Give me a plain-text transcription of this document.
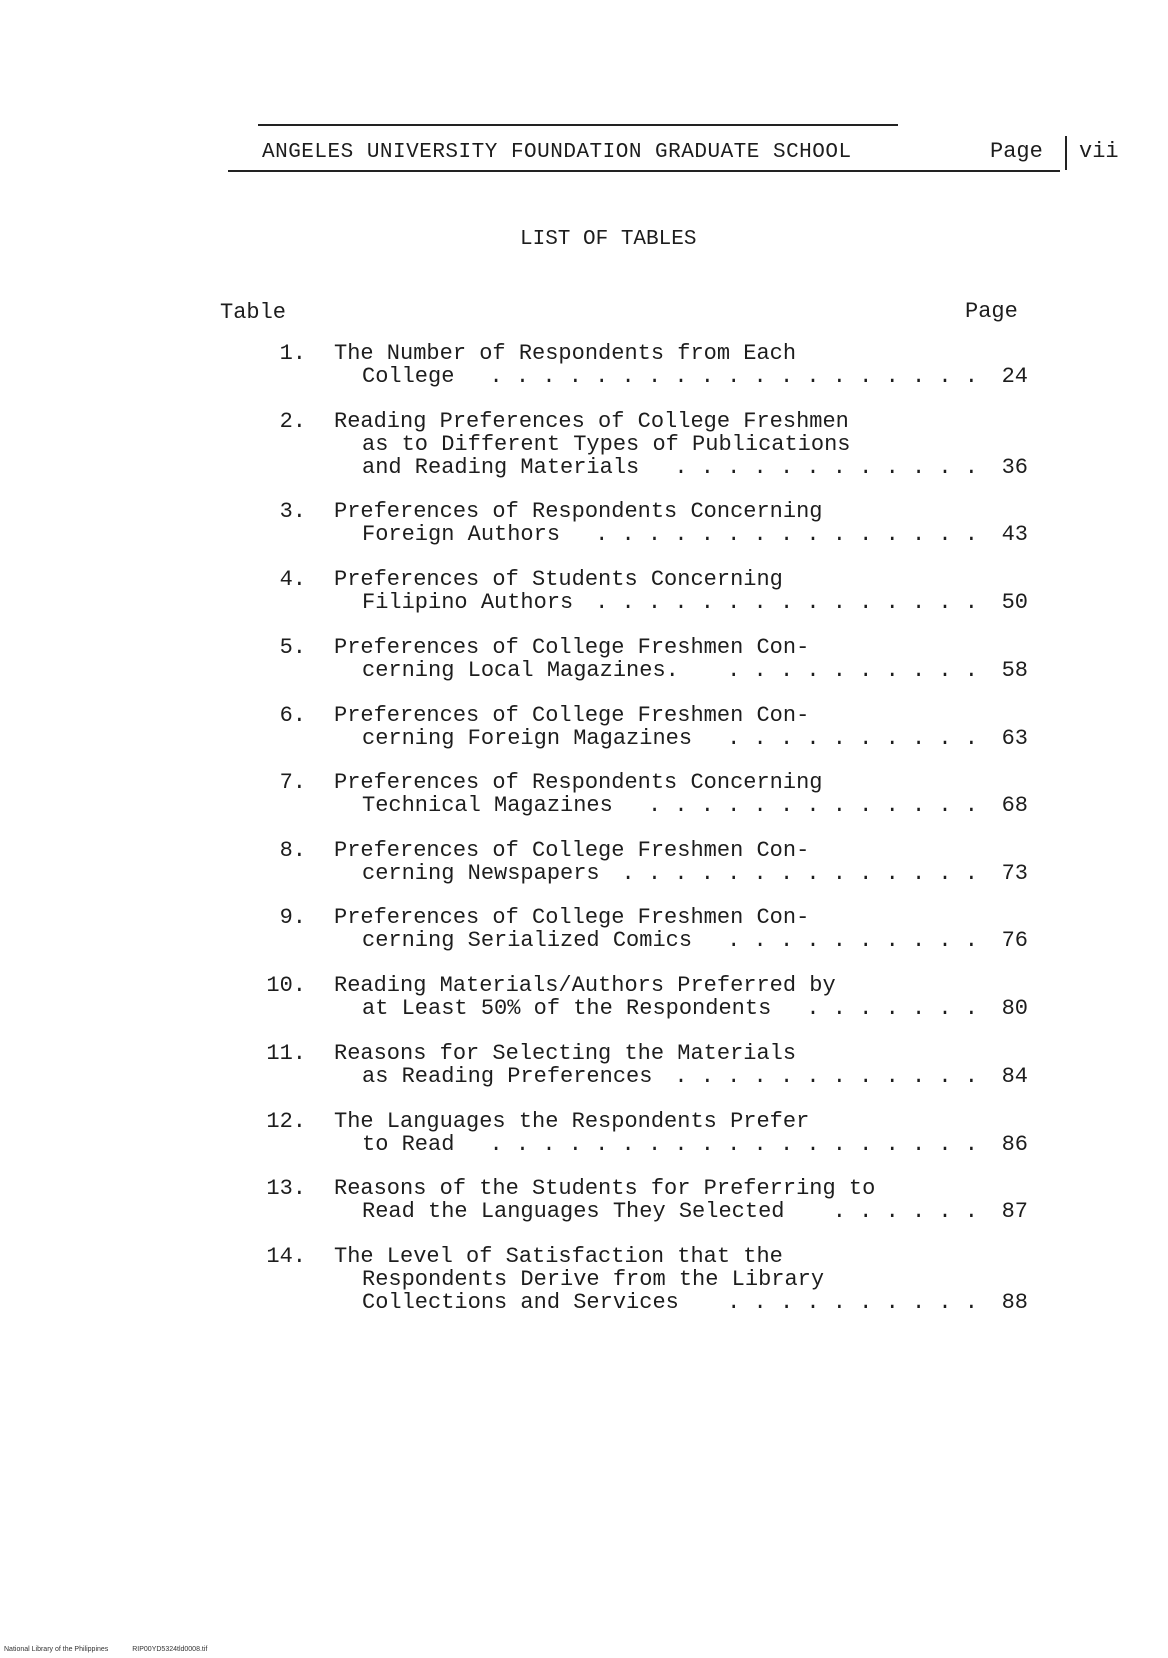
ANGELES UNIVERSITY FOUNDATION GRADUATE SCHOOL	Page vii
LIST OF TABLES
Table	Page
1. The Number of Respondents from Each
College	24
. . . . . . . . . . . . . . . . . . .
2. Reading Preferences of College Freshmen
as to Different Types of Publications
and Reading Materials	36
. . . . . . . . . . . .
3. Preferences of Respondents Concerning
Foreign Authors	43
. . . . . . . . . . . . . . .
4. Preferences of Students Concerning
Filipino Authors	50
. . . . . . . . . . . . . . .
5. Preferences of College Freshmen Con-
cerning Local Magazines.	58
. . . . . . . . . .
6. Preferences of College Freshmen Con-
cerning Foreign Magazines	63
. . . . . . . . . .
7. Preferences of Respondents Concerning
Technical Magazines	68
. . . . . . . . . . . . .
8. Preferences of College Freshmen Con-
cerning Newspapers	73
. . . . . . . . . . . . . .
9. Preferences of College Freshmen Con-
cerning Serialized Comics	76
. . . . . . . . . .
10. Reading Materials/Authors Preferred by
at Least 50% of the Respondents	80
. . . . . . .
11. Reasons for Selecting the Materials
as Reading Preferences	84
. . . . . . . . . . . .
12. The Languages the Respondents Prefer
to Read	86
. . . . . . . . . . . . . . . . . . .
13. Reasons of the Students for Preferring to
Read the Languages They Selected	87
. . . . . .
14. The Level of Satisfaction that the
Respondents Derive from the Library
Collections and Services	88
. . . . . . . . . .
National Library of the Philippines	RIP00YD5324tld0008.tif
